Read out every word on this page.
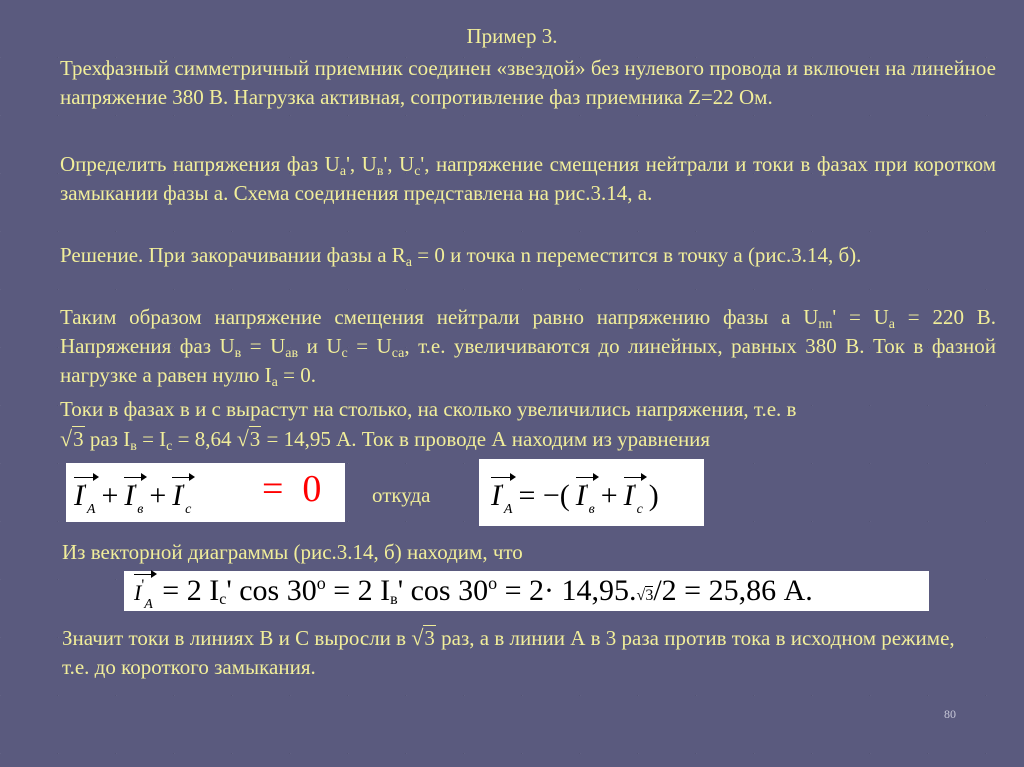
Пример 3.
Трехфазный симметричный приемник соединен «звездой» без нулевого провода и включен на линейное напряжение 380 В. Нагрузка активная, сопротивление фаз приемника Z=22 Ом.
Определить напряжения фаз $U_а'$, $U_в'$, $U_с'$, напряжение смещения нейтрали и токи в фазах при коротком замыкании фазы а. Схема соединения представлена на рис.3.14, а.
Решение. При закорачивании фазы а $R_а = 0$ и точка n переместится в точку а (рис.3.14, б).
Таким образом напряжение смещения нейтрали равно напряжению фазы а $U_{nn}' = U_а = 220$ В. Напряжения фаз $U_в = U_{ав}$ и $U_с = U_{са}$, т.е. увеличиваются до линейных, равных 380 В. Ток в фазной нагрузке а равен нулю $I_а = 0$.
Токи в фазах в и с вырастут на столько, на сколько увеличились напряжения, т.е. в
√3 раз $I_в = I_с = 8,64$ √3 = 14,95 А. Ток в проводе А находим из уравнения
$I'_A + I'_в + I'_c = 0$ откуда $I'_A$ = −( $I'_в + I'_c$ )
Из векторной диаграммы (рис.3.14, б) находим, что
$I'_A = 2$ $I_c'$ $\cos 30^o = 2$ $I_в'$ $\cos 30^o = 2\cdot 14,95.√3/2 = 25,86$ А.
Значит токи в линиях В и С выросли в √3 раз, а в линии А в 3 раза против тока в исходном режиме, т.е. до короткого замыкания.
80
